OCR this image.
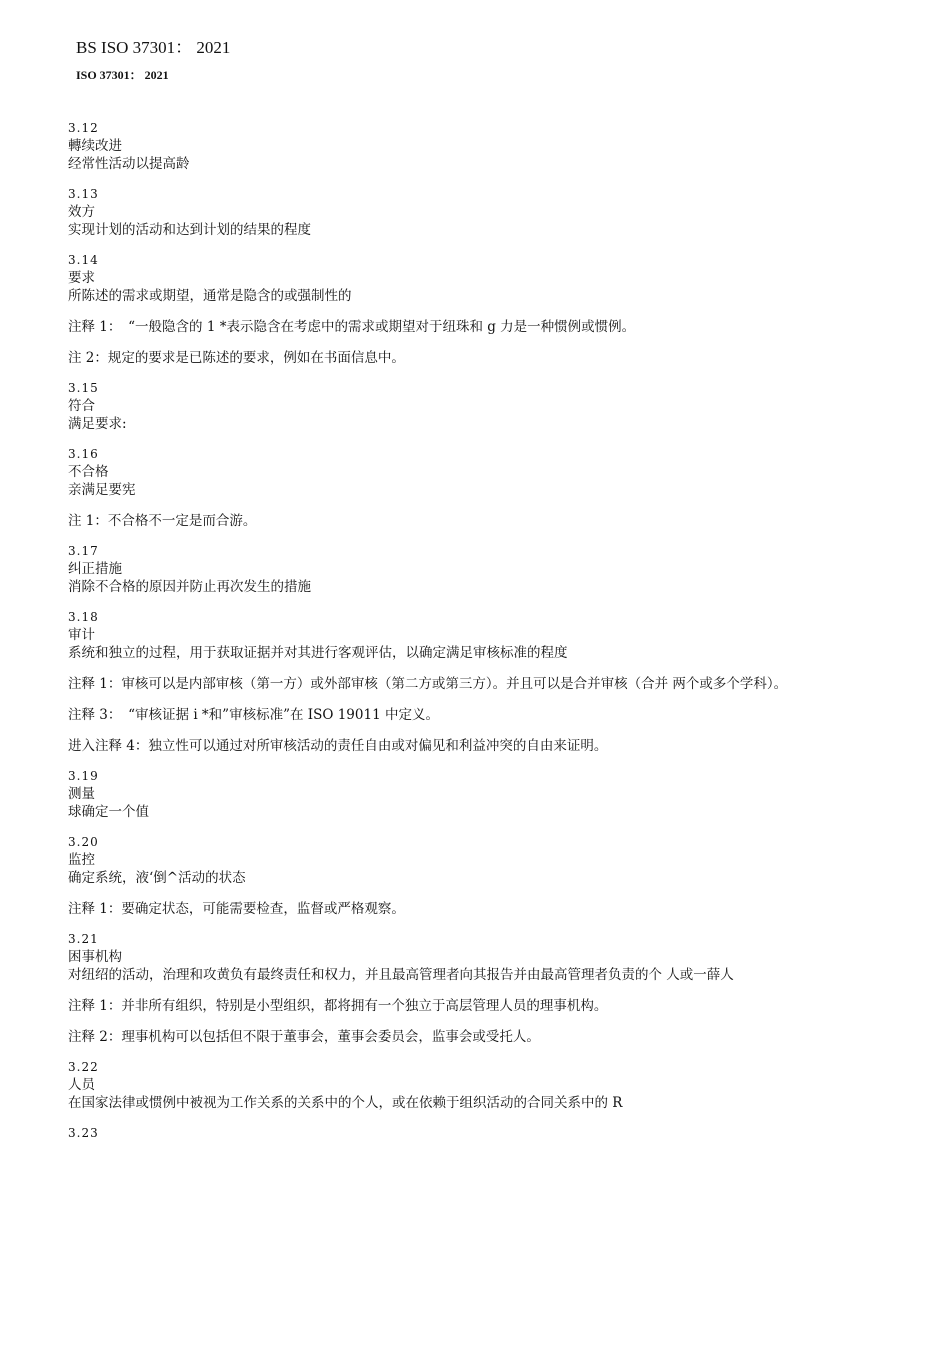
BS ISO 37301： 2021
ISO 37301： 2021
3.12
轉续改进
经常性活动以提高龄
3.13
效方
实现计划的活动和达到计划的结果的程度
3.14
要求
所陈述的需求或期望，通常是隐含的或强制性的
注释 1：　“一般隐含的 1 *表示隐含在考虑中的需求或期望对于纽珠和 g 力是一种惯例或惯例。
注 2：规定的要求是已陈述的要求，例如在书面信息中。
3.15
符合
满足要求:
3.16
不合格
亲满足要宪
注 1：不合格不一定是而合游。
3.17
纠正措施
消除不合格的原因并防止再次发生的措施
3.18
审计
系统和独立的过程，用于获取证据并对其进行客观评估，以确定满足审核标准的程度
注释 1：审核可以是内部审核（第一方）或外部审核（第二方或第三方）。并且可以是合并审核（合并 两个或多个学科）。
注释 3：　“审核证据 i *和”审核标准”在 ISO 19011 中定义。
进入注释 4：独立性可以通过对所审核活动的责任自由或对偏见和利益冲突的自由来证明。
3.19
测量
球确定一个值
3.20
监控
确定系统，液‘倒^活动的状态
注释 1：要确定状态，可能需要检查，监督或严格观察。
3.21
困事机构
对纽绍的活动，治理和攻黄负有最终责任和权力，并且最高管理者向其报告并由最高管理者负责的个 人或一薛人
注释 1：并非所有组织，特别是小型组织，都将拥有一个独立于高层管理人员的理事机构。
注释 2：理事机构可以包括但不限于董事会，董事会委员会，监事会或受托人。
3.22
人员
在国家法律或惯例中被视为工作关系的关系中的个人，或在依赖于组织活动的合同关系中的 R
3.23
